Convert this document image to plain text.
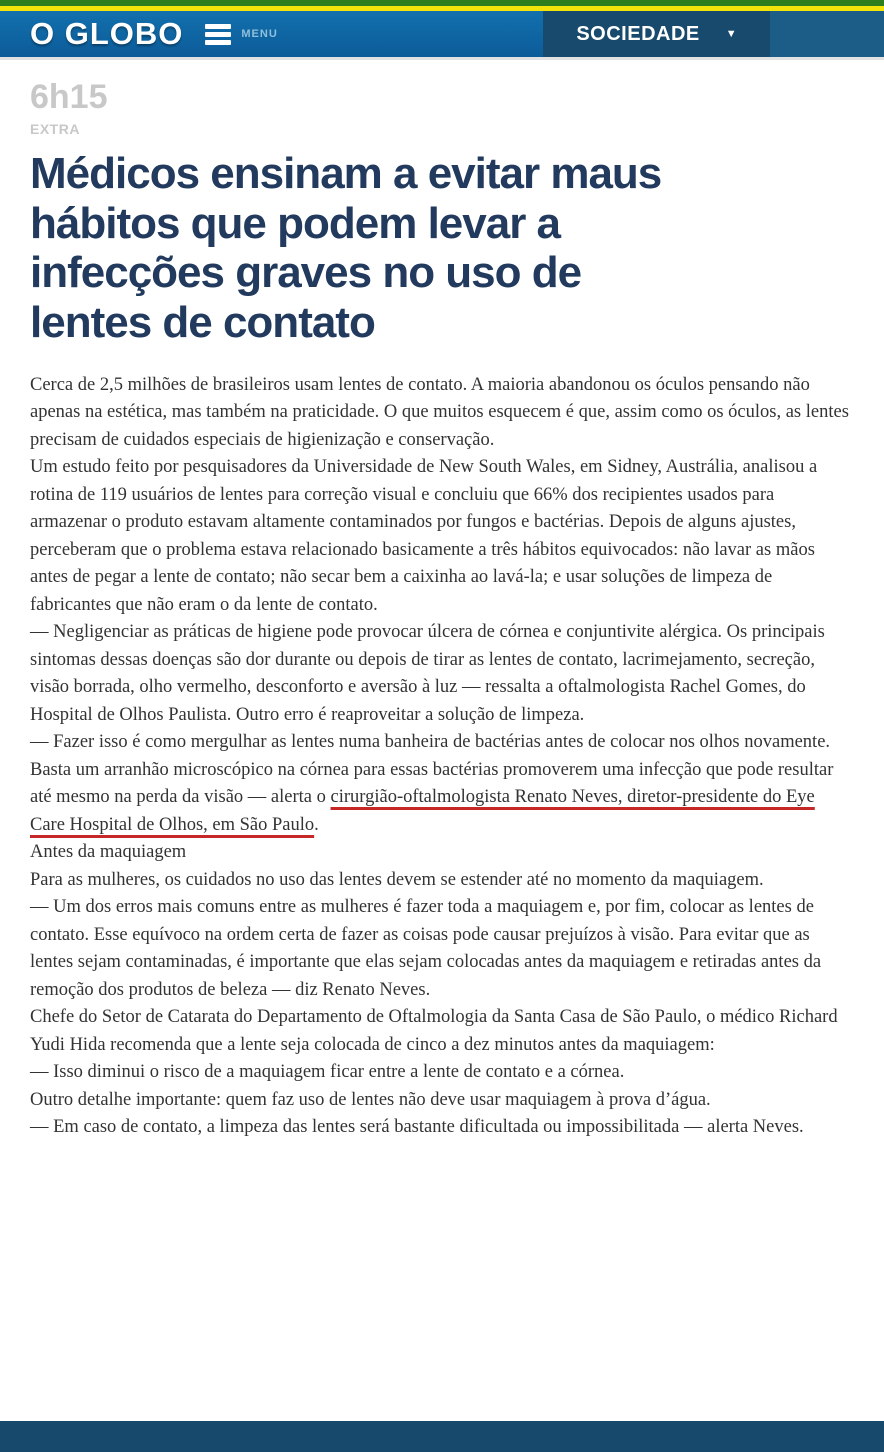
O GLOBO	MENU	SOCIEDADE ▼
6h15
EXTRA
Médicos ensinam a evitar maus hábitos que podem levar a infecções graves no uso de lentes de contato

Cerca de 2,5 milhões de brasileiros usam lentes de contato. A maioria abandonou os óculos pensando não apenas na estética, mas também na praticidade. O que muitos esquecem é que, assim como os óculos, as lentes precisam de cuidados especiais de higienização e conservação.

Um estudo feito por pesquisadores da Universidade de New South Wales, em Sidney, Austrália, analisou a rotina de 119 usuários de lentes para correção visual e concluiu que 66% dos recipientes usados para armazenar o produto estavam altamente contaminados por fungos e bactérias. Depois de alguns ajustes, perceberam que o problema estava relacionado basicamente a três hábitos equivocados: não lavar as mãos antes de pegar a lente de contato; não secar bem a caixinha ao lavá-la; e usar soluções de limpeza de fabricantes que não eram o da lente de contato.

— Negligenciar as práticas de higiene pode provocar úlcera de córnea e conjuntivite alérgica. Os principais sintomas dessas doenças são dor durante ou depois de tirar as lentes de contato, lacrimejamento, secreção, visão borrada, olho vermelho, desconforto e aversão à luz — ressalta a oftalmologista Rachel Gomes, do Hospital de Olhos Paulista. Outro erro é reaproveitar a solução de limpeza.

— Fazer isso é como mergulhar as lentes numa banheira de bactérias antes de colocar nos olhos novamente. Basta um arranhão microscópico na córnea para essas bactérias promoverem uma infecção que pode resultar até mesmo na perda da visão — alerta o cirurgião-oftalmologista Renato Neves, diretor-presidente do Eye Care Hospital de Olhos, em São Paulo.

Antes da maquiagem

Para as mulheres, os cuidados no uso das lentes devem se estender até no momento da maquiagem.

— Um dos erros mais comuns entre as mulheres é fazer toda a maquiagem e, por fim, colocar as lentes de contato. Esse equívoco na ordem certa de fazer as coisas pode causar prejuízos à visão. Para evitar que as lentes sejam contaminadas, é importante que elas sejam colocadas antes da maquiagem e retiradas antes da remoção dos produtos de beleza — diz Renato Neves.

Chefe do Setor de Catarata do Departamento de Oftalmologia da Santa Casa de São Paulo, o médico Richard Yudi Hida recomenda que a lente seja colocada de cinco a dez minutos antes da maquiagem:

— Isso diminui o risco de a maquiagem ficar entre a lente de contato e a córnea.

Outro detalhe importante: quem faz uso de lentes não deve usar maquiagem à prova d’água.

— Em caso de contato, a limpeza das lentes será bastante dificultada ou impossibilitada — alerta Neves.
